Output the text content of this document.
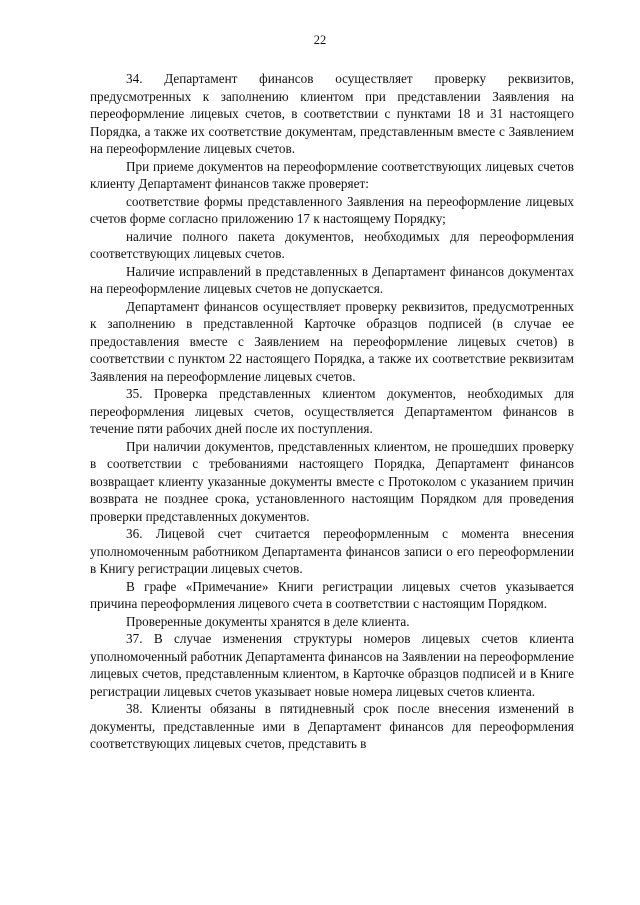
22

34. Департамент финансов осуществляет проверку реквизитов, предусмотренных к заполнению клиентом при представлении Заявления на переоформление лицевых счетов, в соответствии с пунктами 18 и 31 настоящего Порядка, а также их соответствие документам, представленным вместе с Заявлением на переоформление лицевых счетов.

При приеме документов на переоформление соответствующих лицевых счетов клиенту Департамент финансов также проверяет:

соответствие формы представленного Заявления на переоформление лицевых счетов форме согласно приложению 17 к настоящему Порядку;

наличие полного пакета документов, необходимых для переоформления соответствующих лицевых счетов.

Наличие исправлений в представленных в Департамент финансов документах на переоформление лицевых счетов не допускается.

Департамент финансов осуществляет проверку реквизитов, предусмотренных к заполнению в представленной Карточке образцов подписей (в случае ее предоставления вместе с Заявлением на переоформление лицевых счетов) в соответствии с пунктом 22 настоящего Порядка, а также их соответствие реквизитам Заявления на переоформление лицевых счетов.

35. Проверка представленных клиентом документов, необходимых для переоформления лицевых счетов, осуществляется Департаментом финансов в течение пяти рабочих дней после их поступления.

При наличии документов, представленных клиентом, не прошедших проверку в соответствии с требованиями настоящего Порядка, Департамент финансов возвращает клиенту указанные документы вместе с Протоколом с указанием причин возврата не позднее срока, установленного настоящим Порядком для проведения проверки представленных документов.

36. Лицевой счет считается переоформленным с момента внесения уполномоченным работником Департамента финансов записи о его переоформлении в Книгу регистрации лицевых счетов.

В графе «Примечание» Книги регистрации лицевых счетов указывается причина переоформления лицевого счета в соответствии с настоящим Порядком.

Проверенные документы хранятся в деле клиента.

37. В случае изменения структуры номеров лицевых счетов клиента уполномоченный работник Департамента финансов на Заявлении на переоформление лицевых счетов, представленным клиентом, в Карточке образцов подписей и в Книге регистрации лицевых счетов указывает новые номера лицевых счетов клиента.

38. Клиенты обязаны в пятидневный срок после внесения изменений в документы, представленные ими в Департамент финансов для переоформления соответствующих лицевых счетов, представить в
